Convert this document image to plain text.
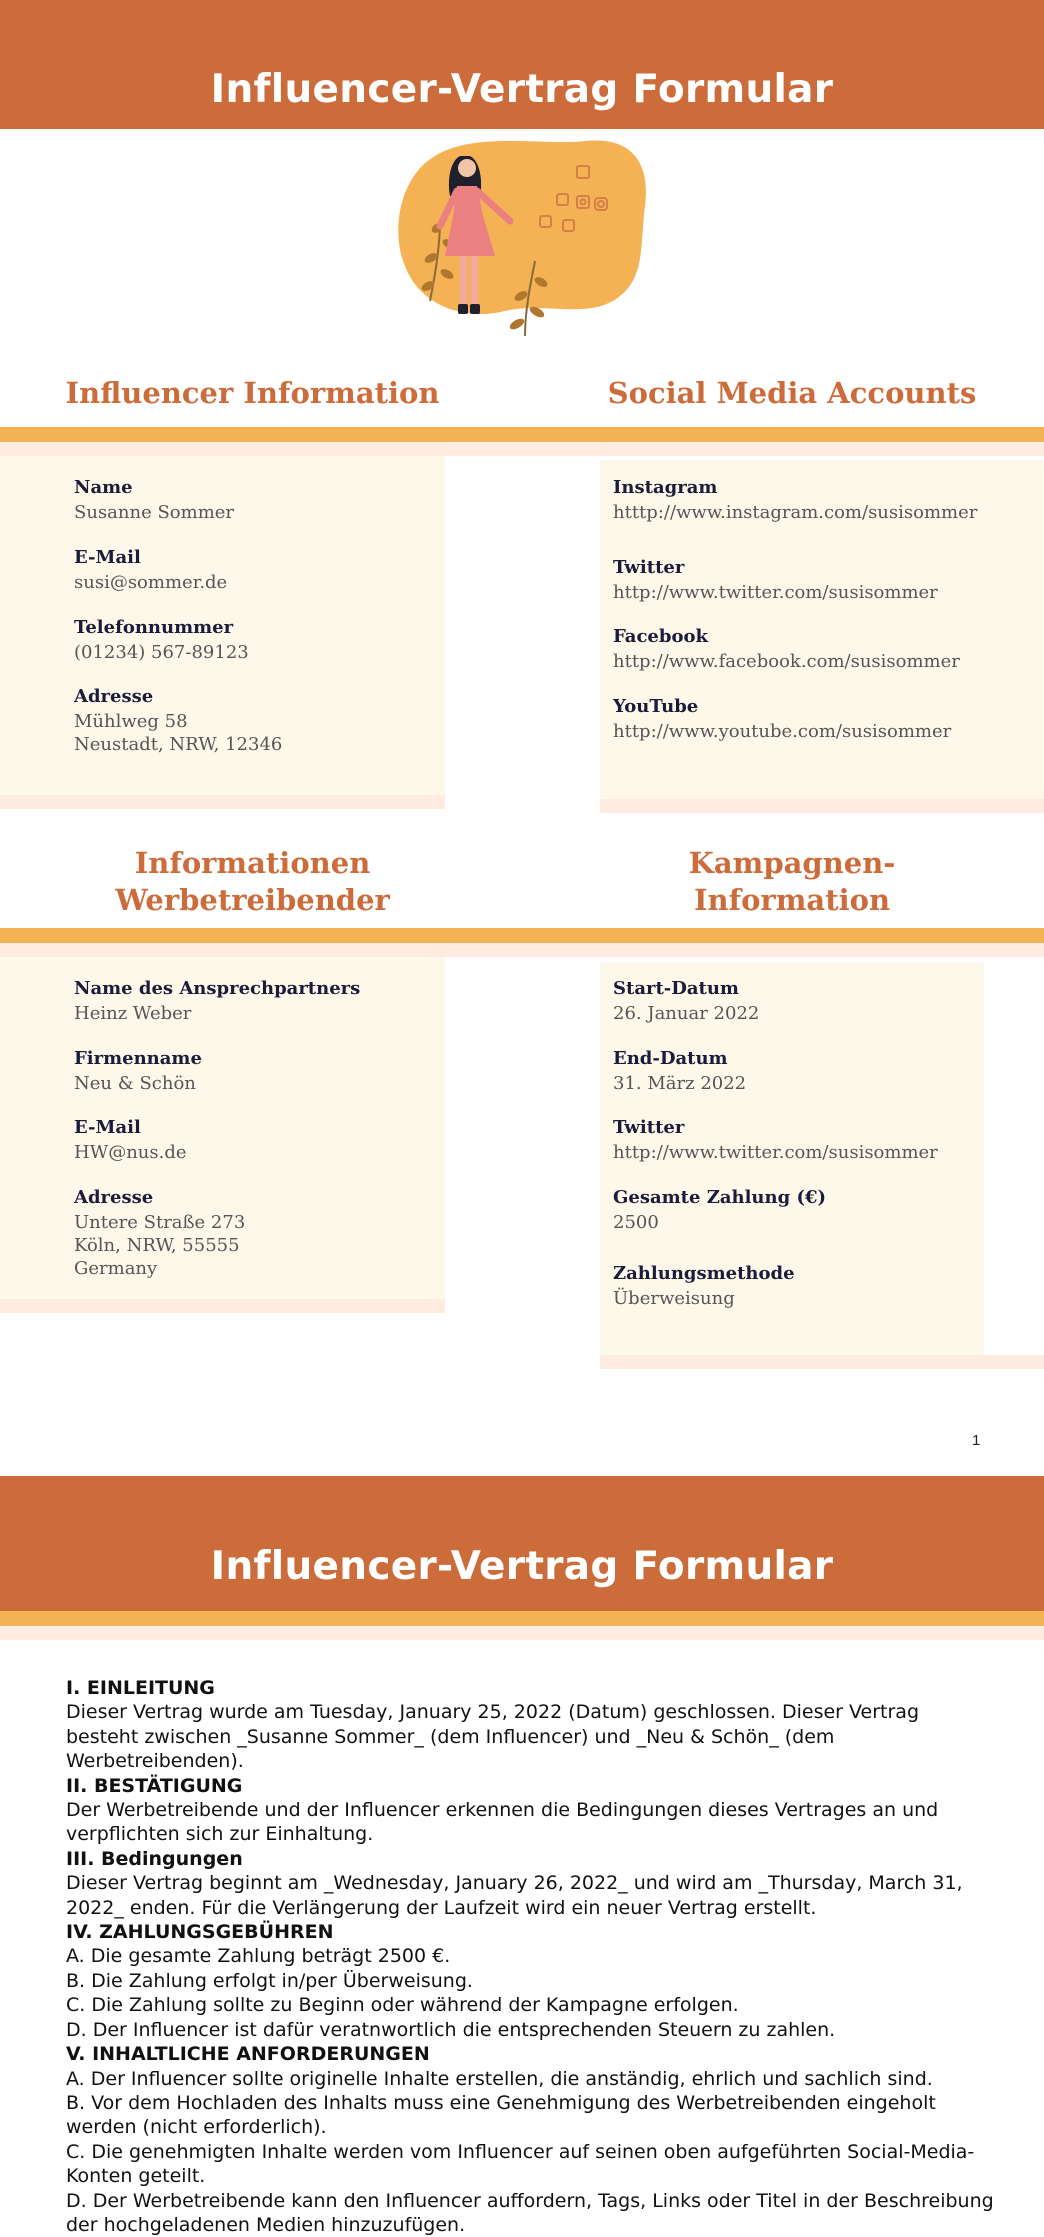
Influencer-Vertrag Formular
Influencer Information	Social Media Accounts
Name
Susanne Sommer
E-Mail
susi@sommer.de
Telefonnummer
(01234) 567-89123
Adresse
Mühlweg 58
Neustadt, NRW, 12346
Instagram
htttp://www.instagram.com/susisommer
Twitter
http://www.twitter.com/susisommer
Facebook
http://www.facebook.com/susisommer
YouTube
http://www.youtube.com/susisommer
Informationen
Werbetreibender
Kampagnen-
Information
Name des Ansprechpartners
Heinz Weber
Firmenname
Neu & Schön
E-Mail
HW@nus.de
Adresse
Untere Straße 273
Köln, NRW, 55555
Germany
Start-Datum
26. Januar 2022
End-Datum
31. März 2022
Twitter
http://www.twitter.com/susisommer
Gesamte Zahlung (€)
2500
Zahlungsmethode
Überweisung
1
Influencer-Vertrag Formular
I. EINLEITUNG
Dieser Vertrag wurde am Tuesday, January 25, 2022 (Datum) geschlossen. Dieser Vertrag besteht zwischen _Susanne Sommer_ (dem Influencer) und _Neu & Schön_ (dem Werbetreibenden).
II. BESTÄTIGUNG
Der Werbetreibende und der Influencer erkennen die Bedingungen dieses Vertrages an und verpflichten sich zur Einhaltung.
III. Bedingungen
Dieser Vertrag beginnt am _Wednesday, January 26, 2022_ und wird am _Thursday, March 31, 2022_ enden. Für die Verlängerung der Laufzeit wird ein neuer Vertrag erstellt.
IV. ZAHLUNGSGEBÜHREN
A. Die gesamte Zahlung beträgt 2500 €.
B. Die Zahlung erfolgt in/per Überweisung.
C. Die Zahlung sollte zu Beginn oder während der Kampagne erfolgen.
D. Der Influencer ist dafür veratnwortlich die entsprechenden Steuern zu zahlen.
V. INHALTLICHE ANFORDERUNGEN
A. Der Influencer sollte originelle Inhalte erstellen, die anständig, ehrlich und sachlich sind.
B. Vor dem Hochladen des Inhalts muss eine Genehmigung des Werbetreibenden eingeholt werden (nicht erforderlich).
C. Die genehmigten Inhalte werden vom Influencer auf seinen oben aufgeführten Social-Media-Konten geteilt.
D. Der Werbetreibende kann den Influencer auffordern, Tags, Links oder Titel in der Beschreibung der hochgeladenen Medien hinzuzufügen.
